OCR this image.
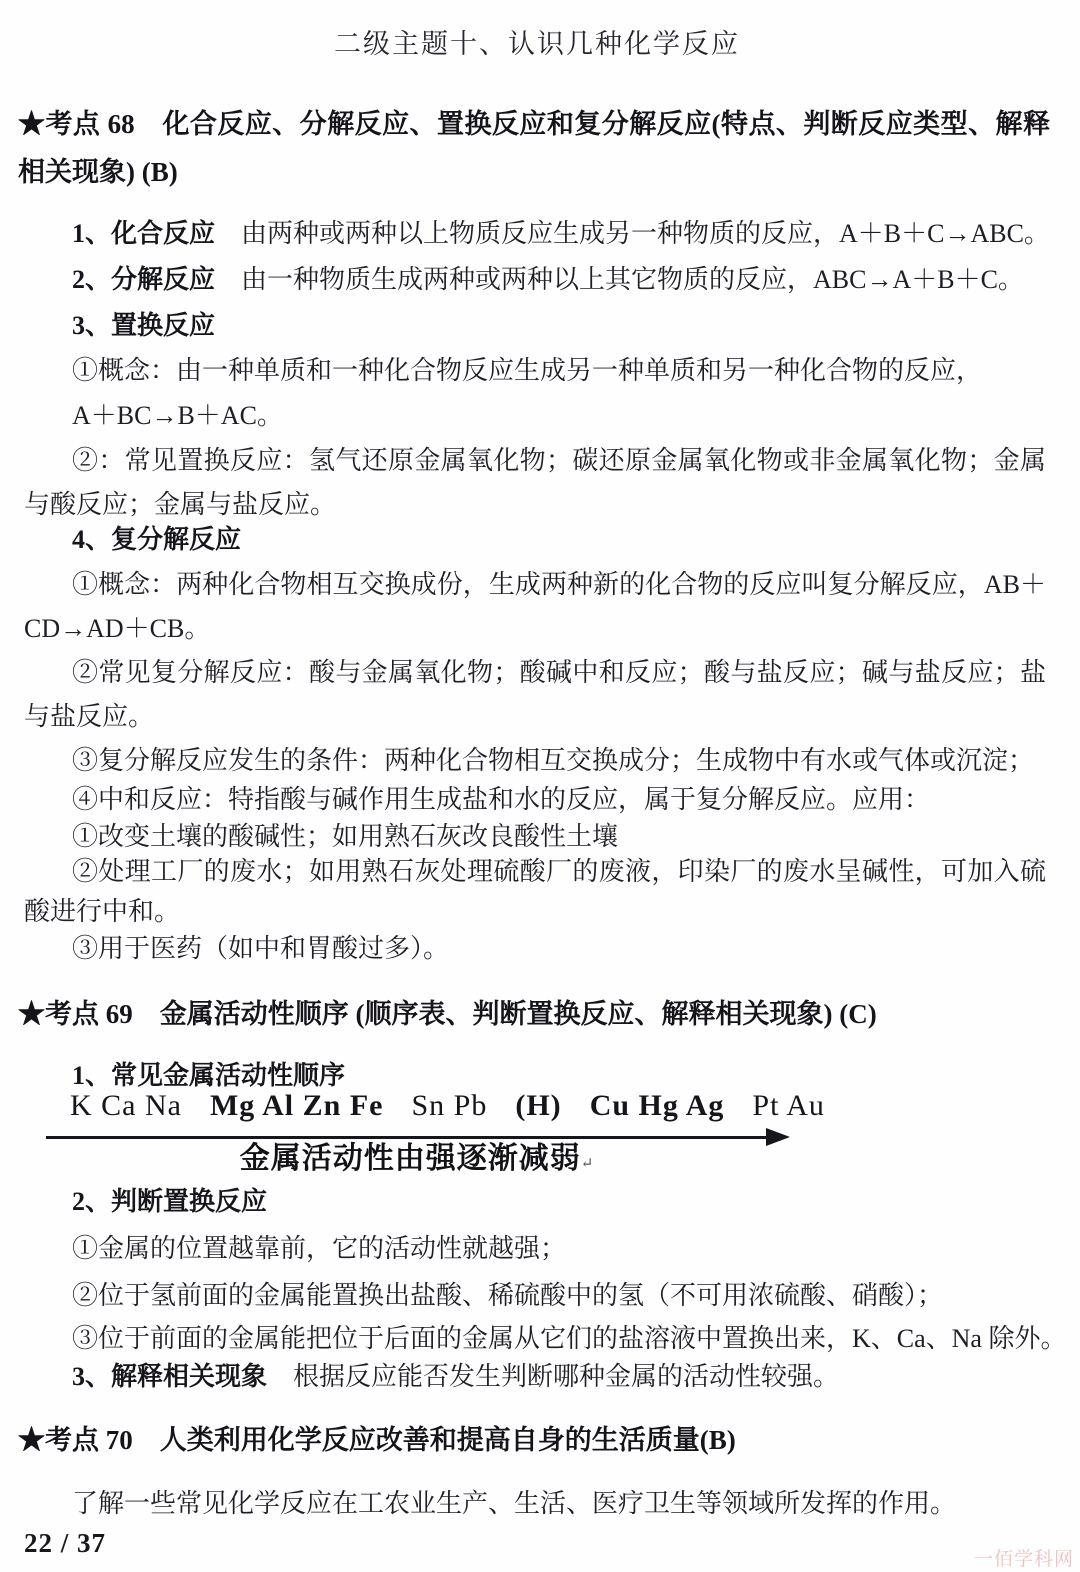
二级主题十、认识几种化学反应
★考点 68　化合反应、分解反应、置换反应和复分解反应(特点、判断反应类型、解释相关现象) (B)
1、化合反应　由两种或两种以上物质反应生成另一种物质的反应，A＋B＋C→ABC。
2、分解反应　由一种物质生成两种或两种以上其它物质的反应，ABC→A＋B＋C。
3、置换反应
①概念：由一种单质和一种化合物反应生成另一种单质和另一种化合物的反应，
A＋BC→B＋AC。
②：常见置换反应：氢气还原金属氧化物；碳还原金属氧化物或非金属氧化物；金属与酸反应；金属与盐反应。
4、复分解反应
①概念：两种化合物相互交换成份，生成两种新的化合物的反应叫复分解反应，AB＋CD→AD＋CB。
②常见复分解反应：酸与金属氧化物；酸碱中和反应；酸与盐反应；碱与盐反应；盐与盐反应。
③复分解反应发生的条件：两种化合物相互交换成分；生成物中有水或气体或沉淀；
④中和反应：特指酸与碱作用生成盐和水的反应，属于复分解反应。应用：
①改变土壤的酸碱性；如用熟石灰改良酸性土壤
②处理工厂的废水；如用熟石灰处理硫酸厂的废液，印染厂的废水呈碱性，可加入硫酸进行中和。
③用于医药（如中和胃酸过多）。
★考点 69　金属活动性顺序 (顺序表、判断置换反应、解释相关现象) (C)
1、常见金属活动性顺序
K Ca Na Mg Al Zn Fe Sn Pb (H) Cu Hg Ag Pt Au
金属活动性由强逐渐减弱↵
2、判断置换反应
①金属的位置越靠前，它的活动性就越强；
②位于氢前面的金属能置换出盐酸、稀硫酸中的氢（不可用浓硫酸、硝酸）；
③位于前面的金属能把位于后面的金属从它们的盐溶液中置换出来，K、Ca、Na 除外。
3、解释相关现象　根据反应能否发生判断哪种金属的活动性较强。
★考点 70　人类利用化学反应改善和提高自身的生活质量(B)
了解一些常见化学反应在工农业生产、生活、医疗卫生等领域所发挥的作用。
22 / 37
一佰学科网
